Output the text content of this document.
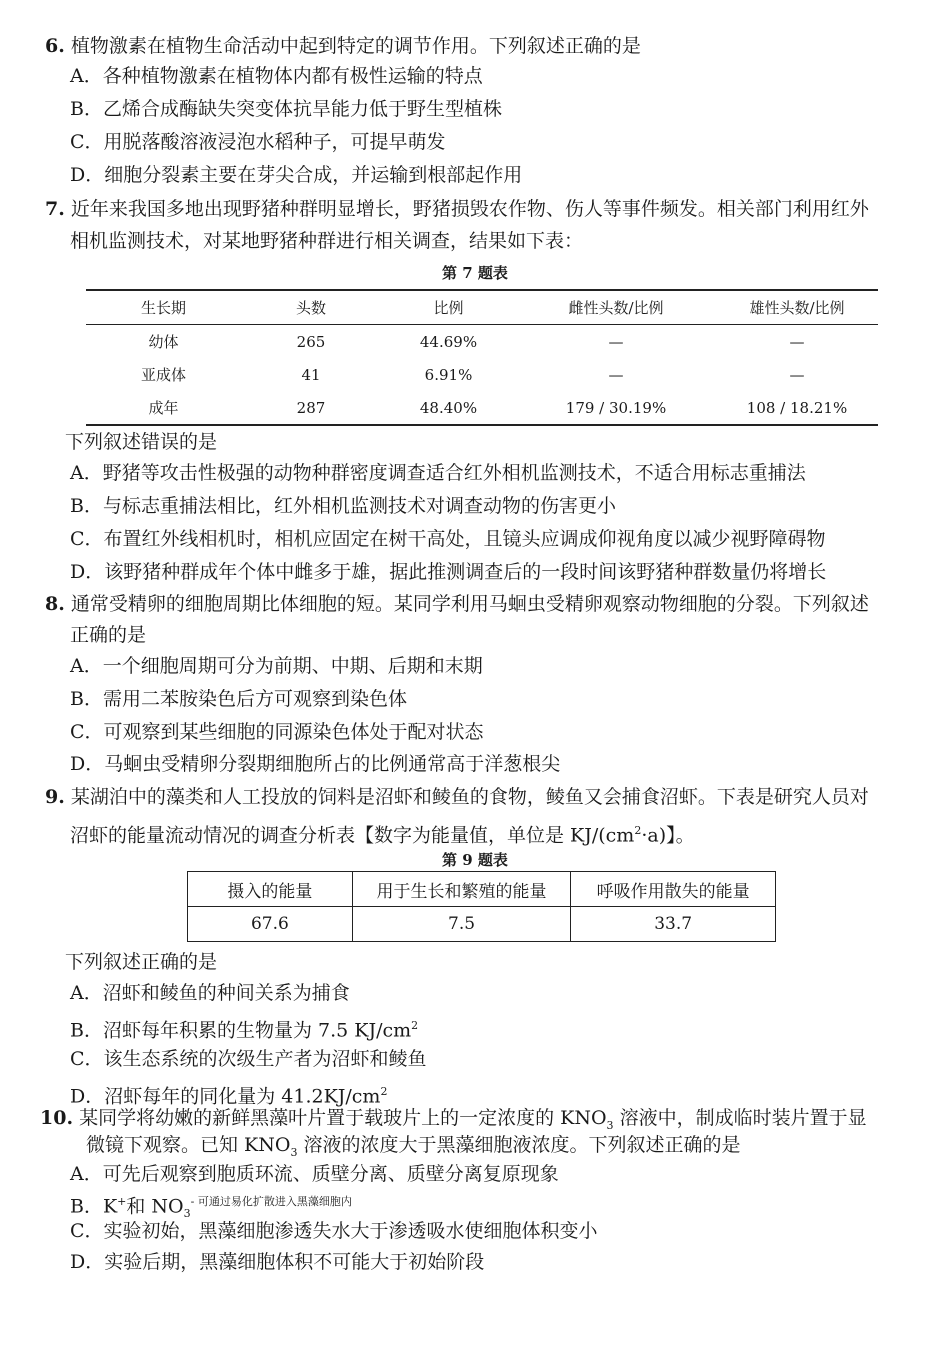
6. 植物激素在植物生命活动中起到特定的调节作用。下列叙述正确的是
A．各种植物激素在植物体内都有极性运输的特点
B．乙烯合成酶缺失突变体抗旱能力低于野生型植株
C．用脱落酸溶液浸泡水稻种子，可提早萌发
D．细胞分裂素主要在芽尖合成，并运输到根部起作用
7. 近年来我国多地出现野猪种群明显增长，野猪损毁农作物、伤人等事件频发。相关部门利用红外
相机监测技术，对某地野猪种群进行相关调查，结果如下表：
下列叙述错误的是
A．野猪等攻击性极强的动物种群密度调查适合红外相机监测技术，不适合用标志重捕法
B．与标志重捕法相比，红外相机监测技术对调查动物的伤害更小
C．布置红外线相机时，相机应固定在树干高处，且镜头应调成仰视角度以减少视野障碍物
D．该野猪种群成年个体中雌多于雄，据此推测调查后的一段时间该野猪种群数量仍将增长
8. 通常受精卵的细胞周期比体细胞的短。某同学利用马蛔虫受精卵观察动物细胞的分裂。下列叙述
正确的是
A．一个细胞周期可分为前期、中期、后期和末期
B．需用二苯胺染色后方可观察到染色体
C．可观察到某些细胞的同源染色体处于配对状态
D．马蛔虫受精卵分裂期细胞所占的比例通常高于洋葱根尖
9. 某湖泊中的藻类和人工投放的饲料是沼虾和鲮鱼的食物，鲮鱼又会捕食沼虾。下表是研究人员对
下列叙述正确的是
A．沼虾和鲮鱼的种间关系为捕食
C．该生态系统的次级生产者为沼虾和鲮鱼
A．可先后观察到胞质环流、质壁分离、质壁分离复原现象
C．实验初始，黑藻细胞渗透失水大于渗透吸水使细胞体积变小
D．实验后期，黑藻细胞体积不可能大于初始阶段
沼虾的能量流动情况的调查分析表【数字为能量值，单位是 $KJ/(cm^2\cdot a)$】。
B．沼虾每年积累的生物量为 7.5 $KJ/cm^2$
D．沼虾每年的同化量为 $41.2KJ/cm^2$
10. 某同学将幼嫩的新鲜黑藻叶片置于载玻片上的一定浓度的 $KNO_3$ 溶液中，制成临时装片置于显
微镜下观察。已知 $KNO_3$ 溶液的浓度大于黑藻细胞液浓度。下列叙述正确的是
B．K+和 $NO_3^{- 可通过易化扩散进入黑藻细胞内}$
第 7 题表
生长期	头数	比例	雌性头数/比例	雄性头数/比例
幼体	265	44.69%	—	—
亚成体	41	6.91%	—	—
成年	287	48.40%	179 / 30.19%	108 / 18.21%
第 9 题表
摄入的能量	用于生长和繁殖的能量	呼吸作用散失的能量
67.6	7.5	33.7
